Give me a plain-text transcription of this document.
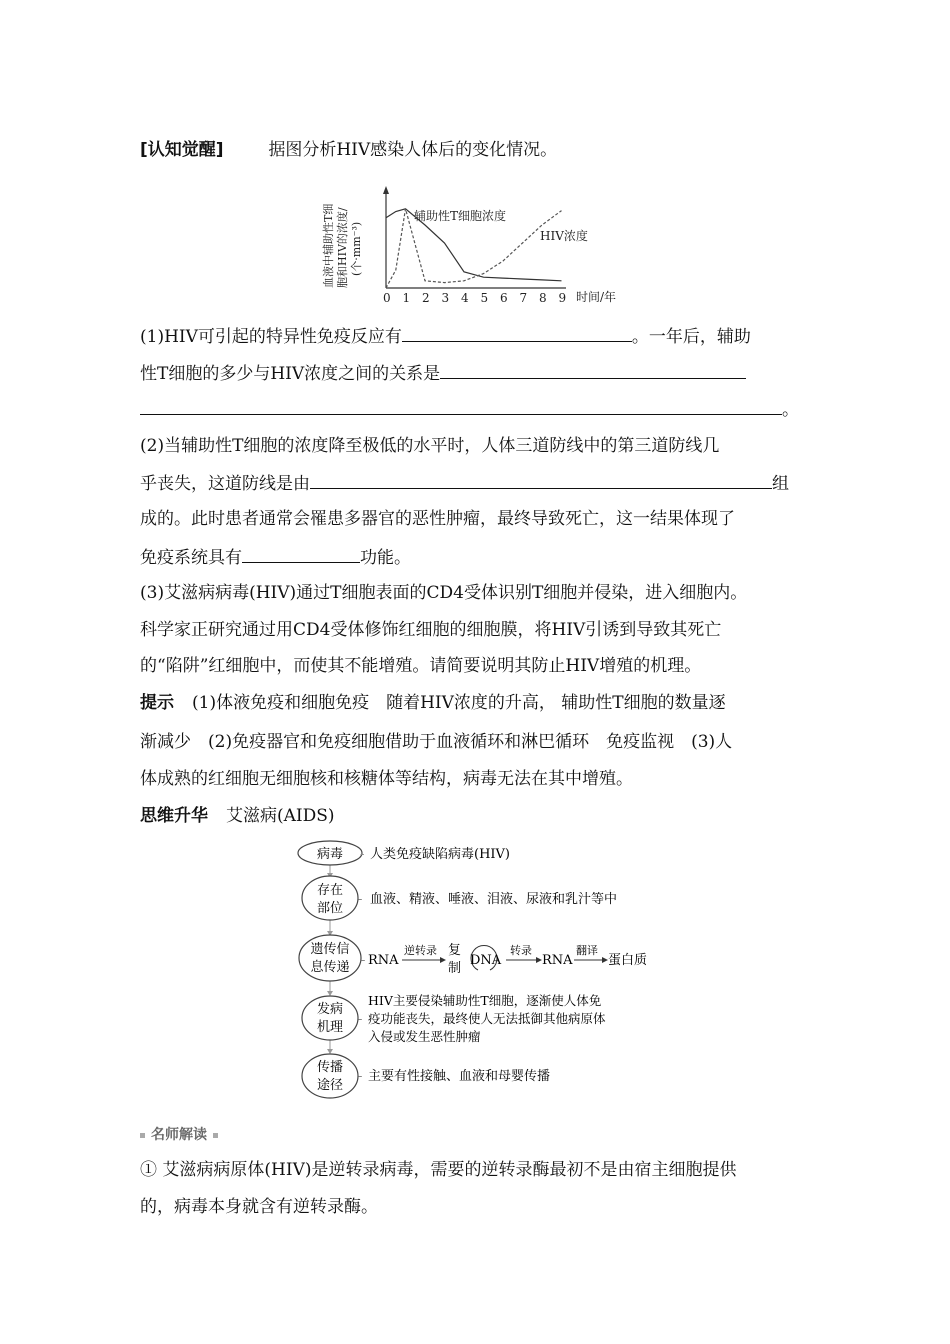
[认知觉醒]	据图分析HIV感染人体后的变化情况。
血液中辅助性T细 胞和HIV的浓度/ (个·mm⁻³)
0 1 2 3 4 5 6 7 8 9 时间/年
辅助性T细胞浓度
HIV浓度
(1)HIV可引起的特异性免疫反应有	。一年后，辅助
性T细胞的多少与HIV浓度之间的关系是
。
(2)当辅助性T细胞的浓度降至极低的水平时，人体三道防线中的第三道防线几
乎丧失，这道防线是由	组
成的。此时患者通常会罹患多器官的恶性肿瘤，最终导致死亡，这一结果体现了
免疫系统具有	功能。
(3)艾滋病病毒(HIV)通过T细胞表面的CD4受体识别T细胞并侵染，进入细胞内。
科学家正研究通过用CD4受体修饰红细胞的细胞膜，将HIV引诱到导致其死亡
的“陷阱”红细胞中，而使其不能增殖。请简要说明其防止HIV增殖的机理。
提示 (1)体液免疫和细胞免疫　随着HIV浓度的升高， 辅助性T细胞的数量逐
渐减少　(2)免疫器官和免疫细胞借助于血液循环和淋巴循环　免疫监视　(3)人
体成熟的红细胞无细胞核和核糖体等结构，病毒无法在其中增殖。
思维升华 艾滋病(AIDS)
病毒 - 人类免疫缺陷病毒(HIV)
存在
部位
- 血液、精液、唾液、泪液、尿液和乳汁等中
遗传信
息传递 - RNA
逆转录 复
制
DNA
转录
RNA
翻译
蛋白质
发病
机理
-
HIV主要侵染辅助性T细胞，逐渐使人体免
疫功能丧失，最终使人无法抵御其他病原体
入侵或发生恶性肿瘤
传播
途径
- 主要有性接触、血液和母婴传播
名师解读
① 艾滋病病原体(HIV)是逆转录病毒，需要的逆转录酶最初不是由宿主细胞提供
的，病毒本身就含有逆转录酶。
